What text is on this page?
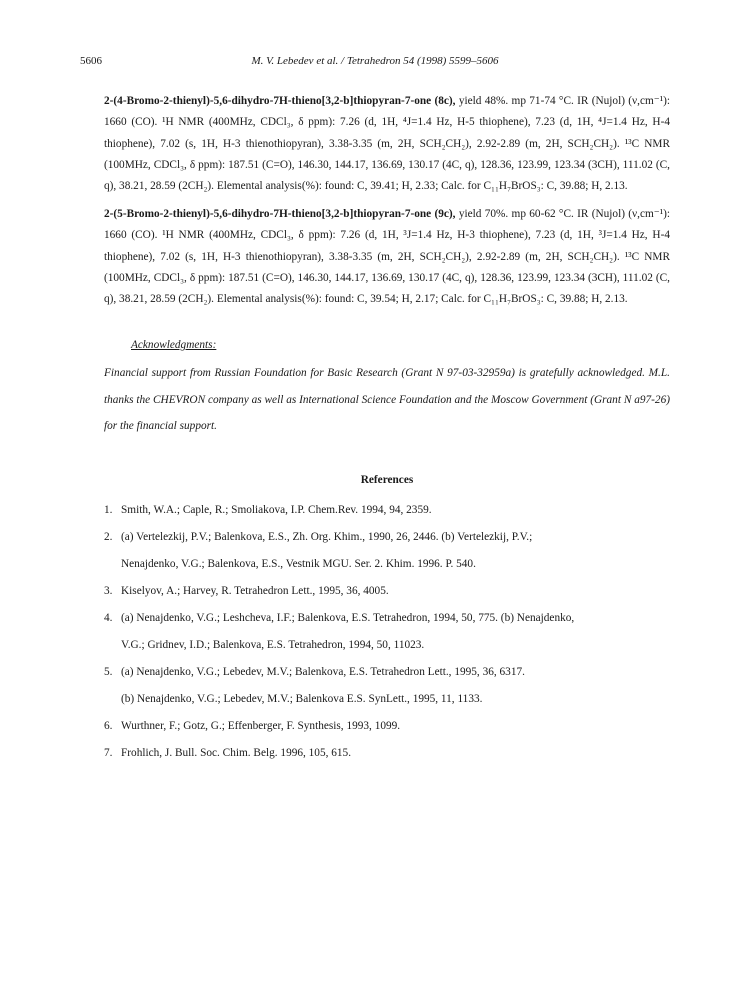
5606	M. V. Lebedev et al. / Tetrahedron 54 (1998) 5599–5606
2-(4-Bromo-2-thienyl)-5,6-dihydro-7H-thieno[3,2-b]thiopyran-7-one (8c), yield 48%. mp 71-74 °C. IR (Nujol) (ν,cm⁻¹): 1660 (CO). ¹H NMR (400MHz, CDCl₃, δ ppm): 7.26 (d, 1H, ⁴J=1.4 Hz, H-5 thiophene), 7.23 (d, 1H, ⁴J=1.4 Hz, H-4 thiophene), 7.02 (s, 1H, H-3 thienothiopyran), 3.38-3.35 (m, 2H, SCH₂CH₂), 2.92-2.89 (m, 2H, SCH₂CH₂). ¹³C NMR (100MHz, CDCl₃, δ ppm): 187.51 (C=O), 146.30, 144.17, 136.69, 130.17 (4C, q), 128.36, 123.99, 123.34 (3CH), 111.02 (C, q), 38.21, 28.59 (2CH₂). Elemental analysis(%): found: C, 39.41; H, 2.33; Calc. for C₁₁H₇BrOS₃: C, 39.88; H, 2.13.
2-(5-Bromo-2-thienyl)-5,6-dihydro-7H-thieno[3,2-b]thiopyran-7-one (9c), yield 70%. mp 60-62 °C. IR (Nujol) (ν,cm⁻¹): 1660 (CO). ¹H NMR (400MHz, CDCl₃, δ ppm): 7.26 (d, 1H, ³J=1.4 Hz, H-3 thiophene), 7.23 (d, 1H, ³J=1.4 Hz, H-4 thiophene), 7.02 (s, 1H, H-3 thienothiopyran), 3.38-3.35 (m, 2H, SCH₂CH₂), 2.92-2.89 (m, 2H, SCH₂CH₂). ¹³C NMR (100MHz, CDCl₃, δ ppm): 187.51 (C=O), 146.30, 144.17, 136.69, 130.17 (4C, q), 128.36, 123.99, 123.34 (3CH), 111.02 (C, q), 38.21, 28.59 (2CH₂). Elemental analysis(%): found: C, 39.54; H, 2.17; Calc. for C₁₁H₇BrOS₃: C, 39.88; H, 2.13.
Acknowledgments:
Financial support from Russian Foundation for Basic Research (Grant N 97-03-32959a) is gratefully acknowledged. M.L. thanks the CHEVRON company as well as International Science Foundation and the Moscow Government (Grant N a97-26) for the financial support.
References
1. Smith, W.A.; Caple, R.; Smoliakova, I.P. Chem.Rev. 1994, 94, 2359.
2. (a) Vertelezkij, P.V.; Balenkova, E.S., Zh. Org. Khim., 1990, 26, 2446. (b) Vertelezkij, P.V.;
Nenajdenko, V.G.; Balenkova, E.S., Vestnik MGU. Ser. 2. Khim. 1996. P. 540.
3. Kiselyov, A.; Harvey, R. Tetrahedron Lett., 1995, 36, 4005.
4. (a) Nenajdenko, V.G.; Leshcheva, I.F.; Balenkova, E.S. Tetrahedron, 1994, 50, 775. (b) Nenajdenko,
V.G.; Gridnev, I.D.; Balenkova, E.S. Tetrahedron, 1994, 50, 11023.
5. (a) Nenajdenko, V.G.; Lebedev, M.V.; Balenkova, E.S. Tetrahedron Lett., 1995, 36, 6317.
(b) Nenajdenko, V.G.; Lebedev, M.V.; Balenkova E.S. SynLett., 1995, 11, 1133.
6. Wurthner, F.; Gotz, G.; Effenberger, F. Synthesis, 1993, 1099.
7. Frohlich, J. Bull. Soc. Chim. Belg. 1996, 105, 615.
